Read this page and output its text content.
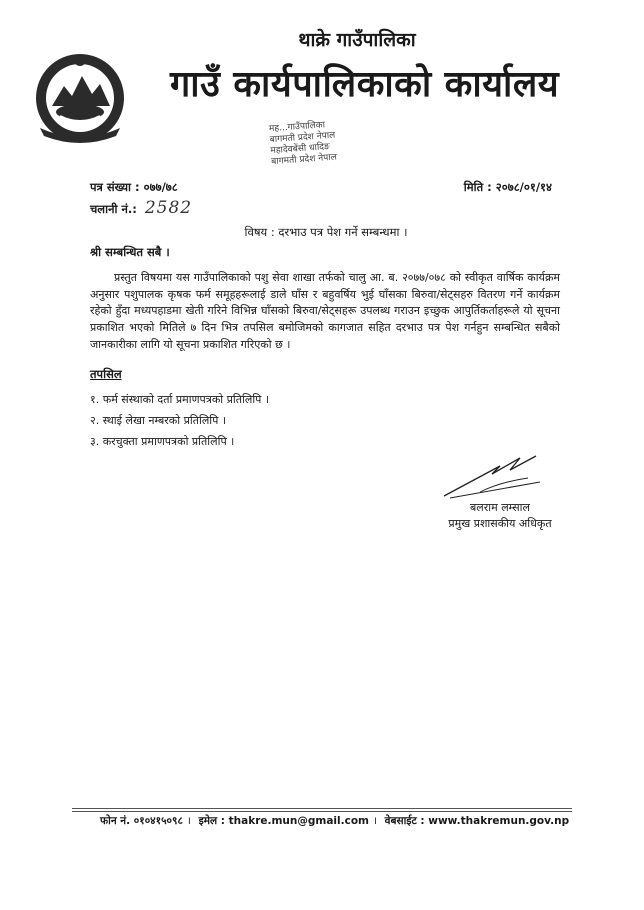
थाक्रे गाउँपालिका
गाउँ कार्यपालिकाको कार्यालय
मह...गाउँपालिका
बागमती प्रदेश नेपाल
महादेवबेंसी धादिङ
बागमती प्रदेश नेपाल
पत्र संख्या : ०७७/७८
चलानी नं.: 2582
मिति : २०७८/०१/१४
विषय : दरभाउ पत्र पेश गर्ने सम्बन्धमा ।
श्री सम्बन्धित सबै ।
प्रस्तुत विषयमा यस गाउँपालिकाको पशु सेवा शाखा तर्फको चालु आ. ब. २०७७/०७८ को स्वीकृत वार्षिक कार्यक्रम अनुसार पशुपालक कृषक फर्म समूहहरूलाई डाले घाँस र बहुवर्षिय भुई घाँसका बिरुवा/सेट्सहरु वितरण गर्ने कार्यक्रम रहेको हुँदा मध्यपहाडमा खेती गरिने विभिन्न घाँसको बिरुवा/सेट्सहरू उपलब्ध गराउन इच्छुक आपुर्तिकर्ताहरूले यो सूचना प्रकाशित भएको मितिले ७ दिन भित्र तपसिल बमोजिमको कागजात सहित दरभाउ पत्र पेश गर्नहुन सम्बन्धित सबैको जानकारीका लागि यो सूचना प्रकाशित गरिएको छ ।
तपसिल
१. फर्म संस्थाको दर्ता प्रमाणपत्रको प्रतिलिपि ।
२. स्थाई लेखा नम्बरको प्रतिलिपि ।
३. करचुक्ता प्रमाणपत्रको प्रतिलिपि ।
बलराम लम्साल
प्रमुख प्रशासकीय अधिकृत
फोन नं. ०१०४१५०९८ । इमेल : thakre.mun@gmail.com । वेबसाईट : www.thakremun.gov.np
